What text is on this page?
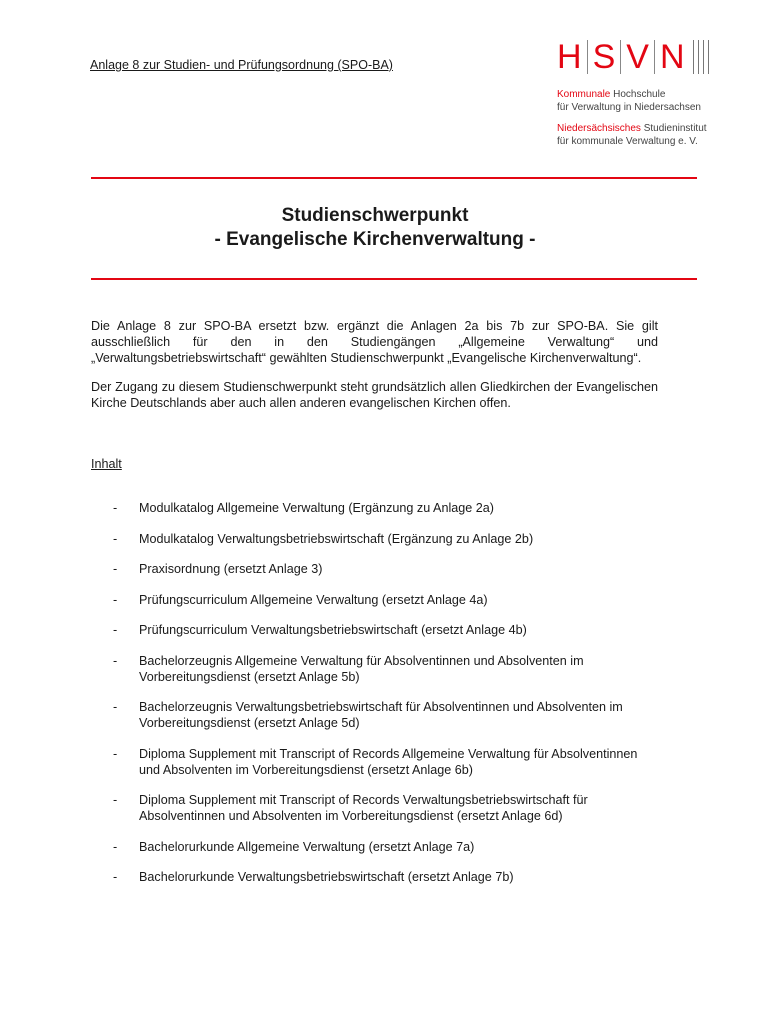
Anlage 8 zur Studien- und Prüfungsordnung (SPO-BA)	H S V N
Kommunale Hochschule
für Verwaltung in Niedersachsen
Niedersächsisches Studieninstitut
für kommunale Verwaltung e. V.
Studienschwerpunkt
- Evangelische Kirchenverwaltung -
Die Anlage 8 zur SPO-BA ersetzt bzw. ergänzt die Anlagen 2a bis 7b zur SPO-BA. Sie gilt ausschließlich für den in den Studiengängen „Allgemeine Verwaltung“ und „Verwaltungsbetriebswirtschaft“ gewählten Studienschwerpunkt „Evangelische Kirchenverwaltung“.
Der Zugang zu diesem Studienschwerpunkt steht grundsätzlich allen Gliedkirchen der Evangelischen Kirche Deutschlands aber auch allen anderen evangelischen Kirchen offen.
Inhalt
-	Modulkatalog Allgemeine Verwaltung (Ergänzung zu Anlage 2a)
-	Modulkatalog Verwaltungsbetriebswirtschaft (Ergänzung zu Anlage 2b)
-	Praxisordnung (ersetzt Anlage 3)
-	Prüfungscurriculum Allgemeine Verwaltung (ersetzt Anlage 4a)
-	Prüfungscurriculum Verwaltungsbetriebswirtschaft (ersetzt Anlage 4b)
-	Bachelorzeugnis Allgemeine Verwaltung für Absolventinnen und Absolventen im Vorbereitungsdienst (ersetzt Anlage 5b)
-	Bachelorzeugnis Verwaltungsbetriebswirtschaft für Absolventinnen und Absolventen im Vorbereitungsdienst (ersetzt Anlage 5d)
-	Diploma Supplement mit Transcript of Records Allgemeine Verwaltung für Absolventinnen und Absolventen im Vorbereitungsdienst (ersetzt Anlage 6b)
-	Diploma Supplement mit Transcript of Records Verwaltungsbetriebswirtschaft für Absolventinnen und Absolventen im Vorbereitungsdienst (ersetzt Anlage 6d)
-	Bachelorurkunde Allgemeine Verwaltung (ersetzt Anlage 7a)
-	Bachelorurkunde Verwaltungsbetriebswirtschaft (ersetzt Anlage 7b)
